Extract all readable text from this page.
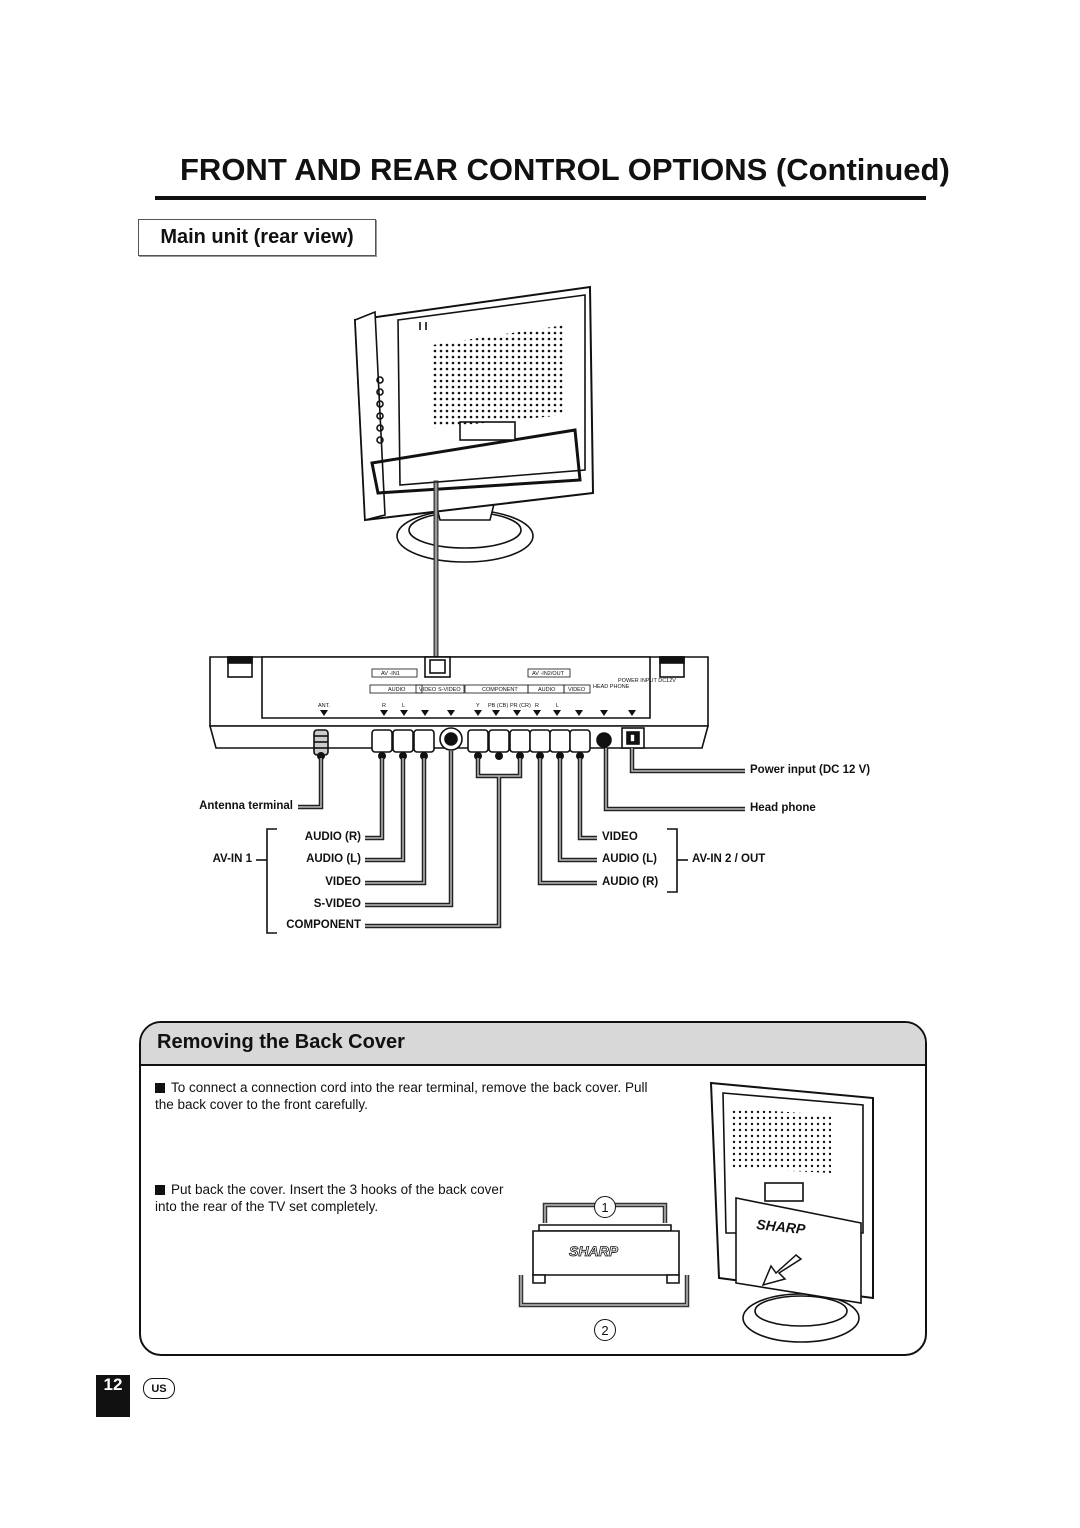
FRONT AND REAR CONTROL OPTIONS (Continued)
Main unit (rear view)
AV -IN1	AV -IN2/OUT
AUDIO VIDEO S-VIDEO	COMPONENT	AUDIO VIDEO HEAD PHONE
POWER INPUT DC12V
ANT.	R	L	Y PB (CB) PR (CR) R	L
Power input (DC 12 V)
Head phone
Antenna terminal
AV-IN 1
AUDIO (R)
AUDIO (L)
VIDEO
S-VIDEO
COMPONENT
VIDEO
AUDIO (L)
AUDIO (R)
AV-IN 2 / OUT
Removing the Back Cover
To connect a connection cord into the rear terminal, remove the back cover. Pull the back cover to the front carefully.
Put back the cover. Insert the 3 hooks of the back cover into the rear of the TV set completely.
SHARP
1
2
SHARP
12	US
